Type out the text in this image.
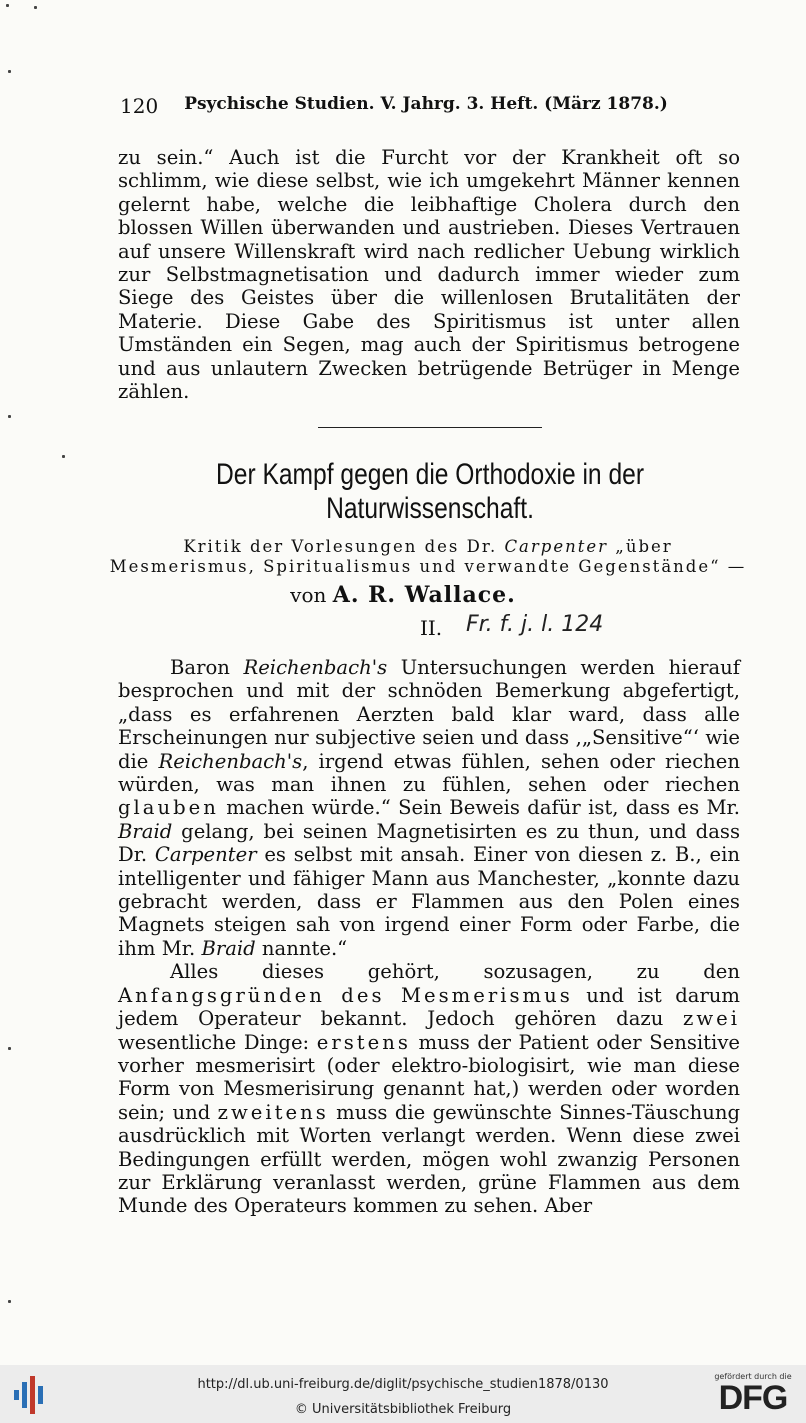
120 Psychische Studien. V. Jahrg. 3. Heft. (März 1878.)

zu sein.“ Auch ist die Furcht vor der Krankheit oft so schlimm, wie diese selbst, wie ich umgekehrt Männer kennen gelernt habe, welche die leibhaftige Cholera durch den blossen Willen überwanden und austrieben. Dieses Vertrauen auf unsere Willenskraft wird nach redlicher Uebung wirklich zur Selbstmagnetisation und dadurch immer wieder zum Siege des Geistes über die willenlosen Brutalitäten der Materie. Diese Gabe des Spiritismus ist unter allen Umständen ein Segen, mag auch der Spiritismus betrogene und aus unlautern Zwecken betrügende Betrüger in Menge zählen.

Der Kampf gegen die Orthodoxie in der
Naturwissenschaft.
Kritik der Vorlesungen des Dr. Carpenter „über Mesmerismus, Spiritualismus und verwandte Gegenstände“ —
von A. R. Wallace.
II. Fr. f. j. l. 124

Baron Reichenbach's Untersuchungen werden hierauf besprochen und mit der schnöden Bemerkung abgefertigt, „dass es erfahrenen Aerzten bald klar ward, dass alle Erscheinungen nur subjective seien und dass ,„Sensitive“‘ wie die Reichenbach's, irgend etwas fühlen, sehen oder riechen würden, was man ihnen zu fühlen, sehen oder riechen glauben machen würde.“ Sein Beweis dafür ist, dass es Mr. Braid gelang, bei seinen Magnetisirten es zu thun, und dass Dr. Carpenter es selbst mit ansah. Einer von diesen z. B., ein intelligenter und fähiger Mann aus Manchester, „konnte dazu gebracht werden, dass er Flammen aus den Polen eines Magnets steigen sah von irgend einer Form oder Farbe, die ihm Mr. Braid nannte.“

Alles dieses gehört, sozusagen, zu den Anfangsgründen des Mesmerismus und ist darum jedem Operateur bekannt. Jedoch gehören dazu zwei wesentliche Dinge: erstens muss der Patient oder Sensitive vorher mesmerisirt (oder elektro-biologisirt, wie man diese Form von Mesmerisirung genannt hat,) werden oder worden sein; und zweitens muss die gewünschte Sinnes-Täuschung ausdrücklich mit Worten verlangt werden. Wenn diese zwei Bedingungen erfüllt werden, mögen wohl zwanzig Personen zur Erklärung veranlasst werden, grüne Flammen aus dem Munde des Operateurs kommen zu sehen. Aber

http://dl.ub.uni-freiburg.de/diglit/psychische_studien1878/0130
© Universitätsbibliothek Freiburg
gefördert durch die
DFG
